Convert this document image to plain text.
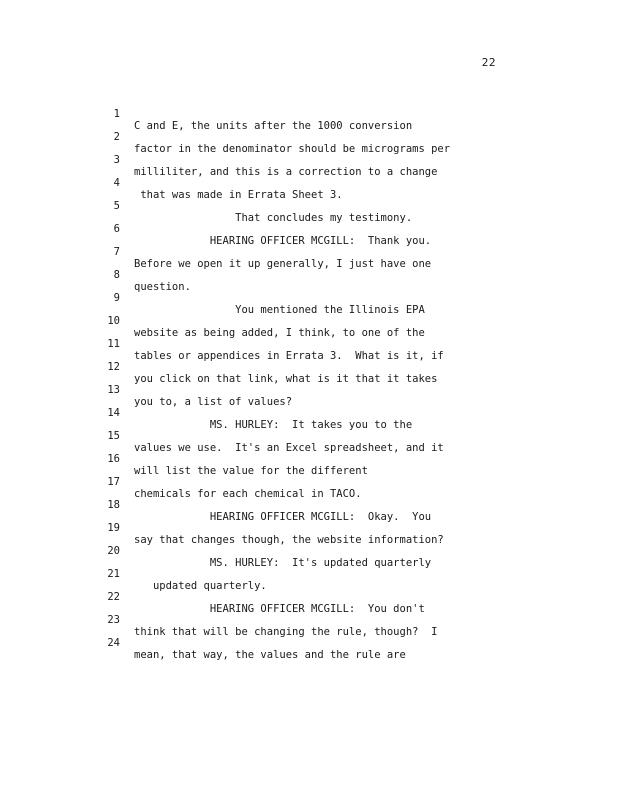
22

1

C and E, the units after the 1000 conversion

2

factor in the denominator should be micrograms per

3

milliliter, and this is a correction to a change

4

that was made in Errata Sheet 3.

5

That concludes my testimony.

6

HEARING OFFICER MCGILL:  Thank you.

7

Before we open it up generally, I just have one

8

question.

9

You mentioned the Illinois EPA

10

website as being added, I think, to one of the

11

tables or appendices in Errata 3.  What is it, if

12

you click on that link, what is it that it takes

13

you to, a list of values?

14

MS. HURLEY:  It takes you to the

15

values we use.  It's an Excel spreadsheet, and it

16

will list the value for the different

17

chemicals for each chemical in TACO.

18

HEARING OFFICER MCGILL:  Okay.  You

19

say that changes though, the website information?

20

MS. HURLEY:  It's updated quarterly

21

updated quarterly.

22

HEARING OFFICER MCGILL:  You don't

23

think that will be changing the rule, though?  I

24

mean, that way, the values and the rule are
